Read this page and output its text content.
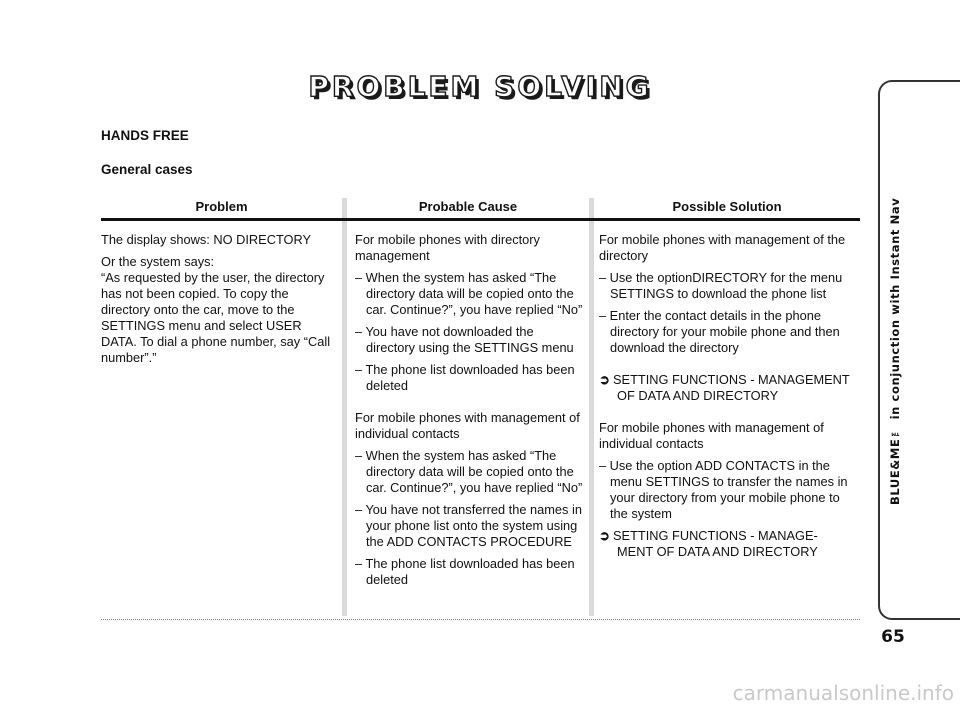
PROBLEM SOLVING
HANDS FREE
General cases
Problem	Probable Cause	Possible Solution

The display shows: NO DIRECTORY

Or the system says:

“As requested by the user, the directory has not been copied. To copy the directory onto the car, move to the SETTINGS menu and select USER DATA. To dial a phone number, say “Call number”.”

For mobile phones with directory management

– When the system has asked “The directory data will be copied onto the car. Continue?”, you have replied “No”

– You have not downloaded the directory using the SETTINGS menu

– The phone list downloaded has been deleted

For mobile phones with management of individual contacts

– When the system has asked “The directory data will be copied onto the car. Continue?”, you have replied “No”

– You have not transferred the names in your phone list onto the system using the ADD CONTACTS PROCEDURE

– The phone list downloaded has been deleted

For mobile phones with management of the directory

– Use the optionDIRECTORY for the menu SETTINGS to download the phone list

– Enter the contact details in the phone directory for your mobile phone and then download the directory

➲ SETTING FUNCTIONS - MANAGEMENT OF DATA AND DIRECTORY

For mobile phones with management of individual contacts

– Use the option ADD CONTACTS in the menu SETTINGS to transfer the names in your directory from your mobile phone to the system

➲ SETTING FUNCTIONS - MANAGE- MENT OF DATA AND DIRECTORY

BLUE&ME™ in conjunction with Instant Nav
65
carmanualsonline.info
